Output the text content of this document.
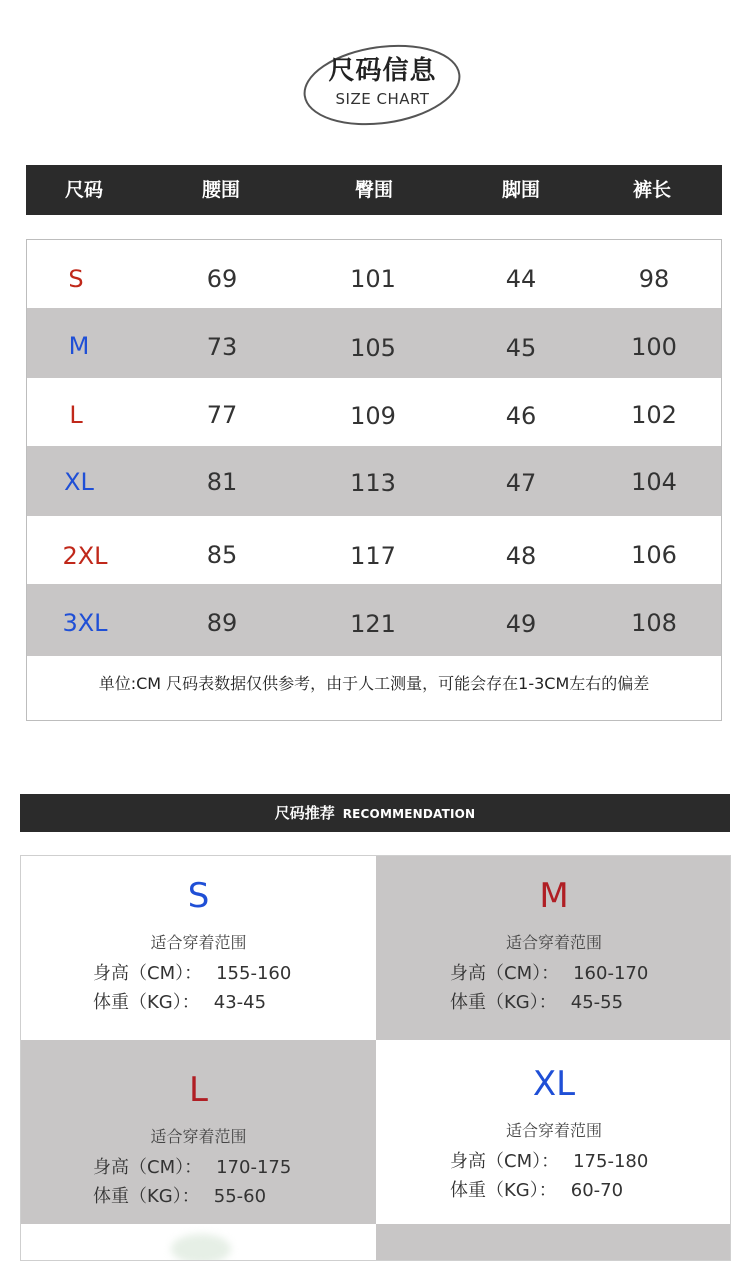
尺码信息
SIZE CHART
尺码	腰围	臀围	脚围	裤长
S	69	101	44	98
M	73	105	45	100
L	77	109	46	102
XL	81	113	47	104
2XL	85	117	48	106
3XL	89	121	49	108
单位:CM 尺码表数据仅供参考，由于人工测量，可能会存在1-3CM左右的偏差
尺码推荐 RECOMMENDATION
S
适合穿着范围
身高（CM）： 155-160
体重（KG）： 43-45
M
适合穿着范围
身高（CM）： 160-170
体重（KG）： 45-55
L
适合穿着范围
身高（CM）： 170-175
体重（KG）： 55-60
XL
适合穿着范围
身高（CM）： 175-180
体重（KG）： 60-70
